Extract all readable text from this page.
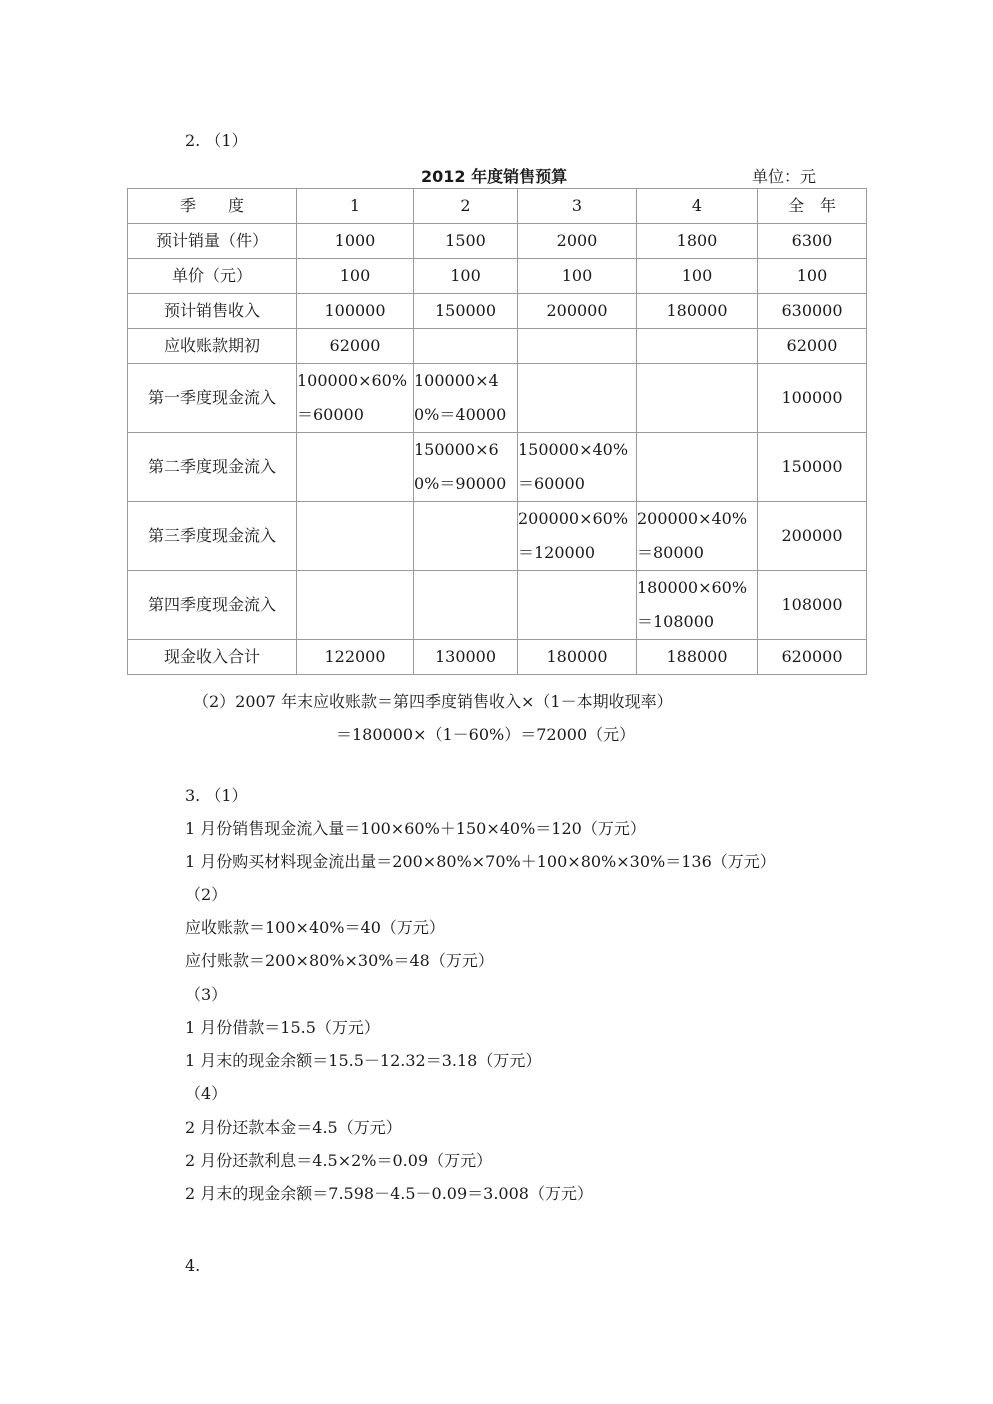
2. （1）
2012 年度销售预算	单位：元
季　　度	1	2	3	4	全　年
预计销量（件）	1000	1500	2000	1800	6300
单价（元）	100	100	100	100	100
预计销售收入	100000	150000	200000	180000	630000
应收账款期初	62000				62000
第一季度现金流入	100000×60%＝60000	100000×40%＝40000			100000
第二季度现金流入		150000×60%＝90000	150000×40%＝60000		150000
第三季度现金流入			200000×60%＝120000	200000×40%＝80000	200000
第四季度现金流入				180000×60%＝108000	108000
现金收入合计	122000	130000	180000	188000	620000
（2）2007 年末应收账款＝第四季度销售收入×（1－本期收现率）
＝180000×（1－60%）＝72000（元）
3. （1）
1 月份销售现金流入量＝100×60%＋150×40%＝120（万元）
1 月份购买材料现金流出量＝200×80%×70%＋100×80%×30%＝136（万元）
（2）
应收账款＝100×40%＝40（万元）
应付账款＝200×80%×30%＝48（万元）
（3）
1 月份借款＝15.5（万元）
1 月末的现金余额＝15.5－12.32＝3.18（万元）
（4）
2 月份还款本金＝4.5（万元）
2 月份还款利息＝4.5×2%＝0.09（万元）
2 月末的现金余额＝7.598－4.5－0.09＝3.008（万元）
4.
